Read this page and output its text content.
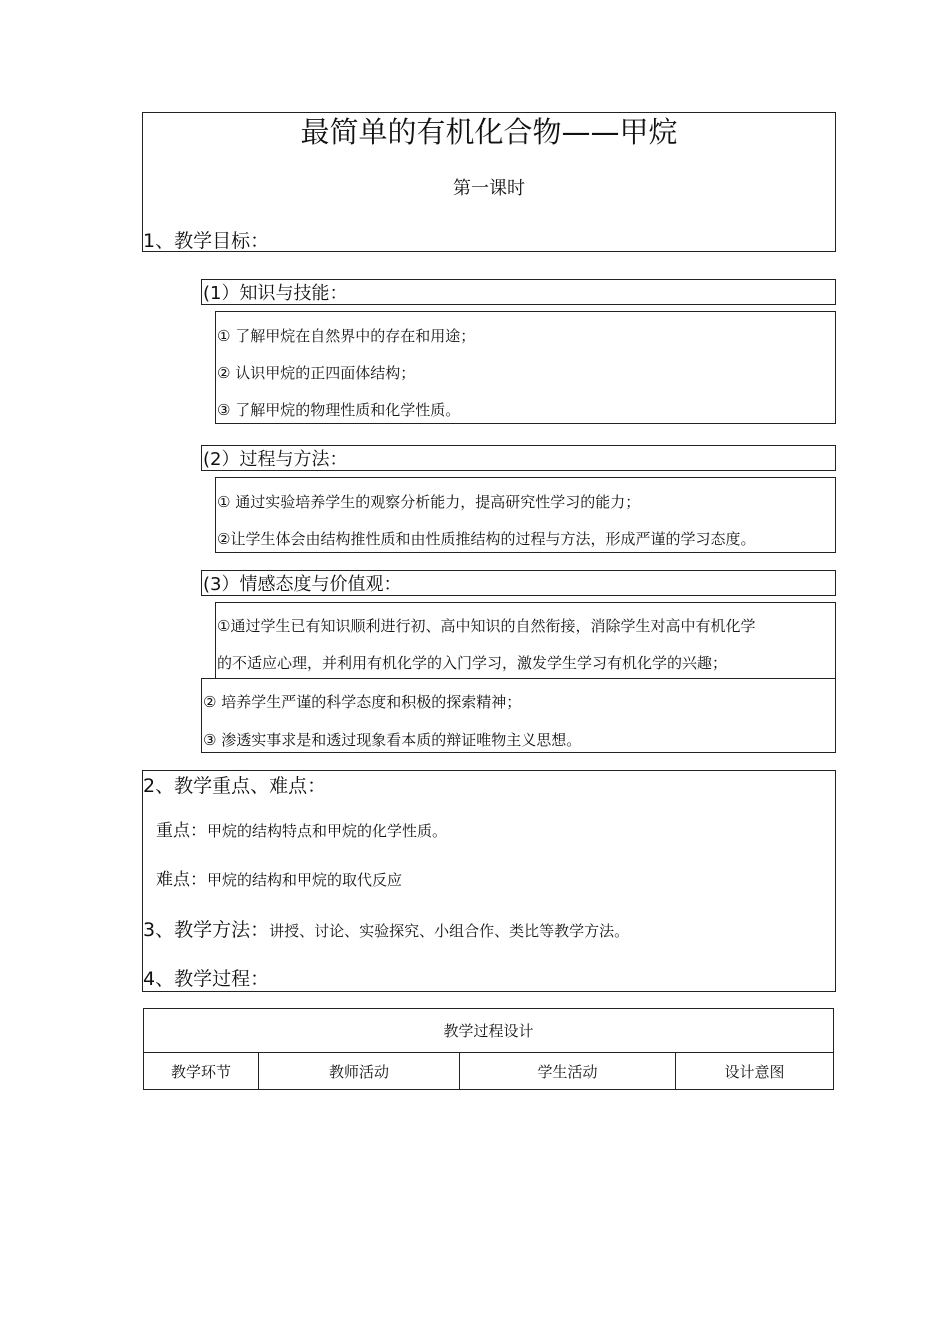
最简单的有机化合物——甲烷
第一课时
1、教学目标：
(1）知识与技能：
① 了解甲烷在自然界中的存在和用途；
② 认识甲烷的正四面体结构；
③ 了解甲烷的物理性质和化学性质。
(2）过程与方法：
① 通过实验培养学生的观察分析能力，提高研究性学习的能力；
②让学生体会由结构推性质和由性质推结构的过程与方法，形成严谨的学习态度。
(3）情感态度与价值观：
①通过学生已有知识顺利进行初、高中知识的自然衔接，消除学生对高中有机化学
的不适应心理，并利用有机化学的入门学习，激发学生学习有机化学的兴趣；
② 培养学生严谨的科学态度和积极的探索精神；
③ 渗透实事求是和透过现象看本质的辩证唯物主义思想。
2、教学重点、难点：
重点：甲烷的结构特点和甲烷的化学性质。
难点：甲烷的结构和甲烷的取代反应
3、教学方法：讲授、讨论、实验探究、小组合作、类比等教学方法。
4、教学过程：
教学过程设计
教学环节	教师活动	学生活动	设计意图
